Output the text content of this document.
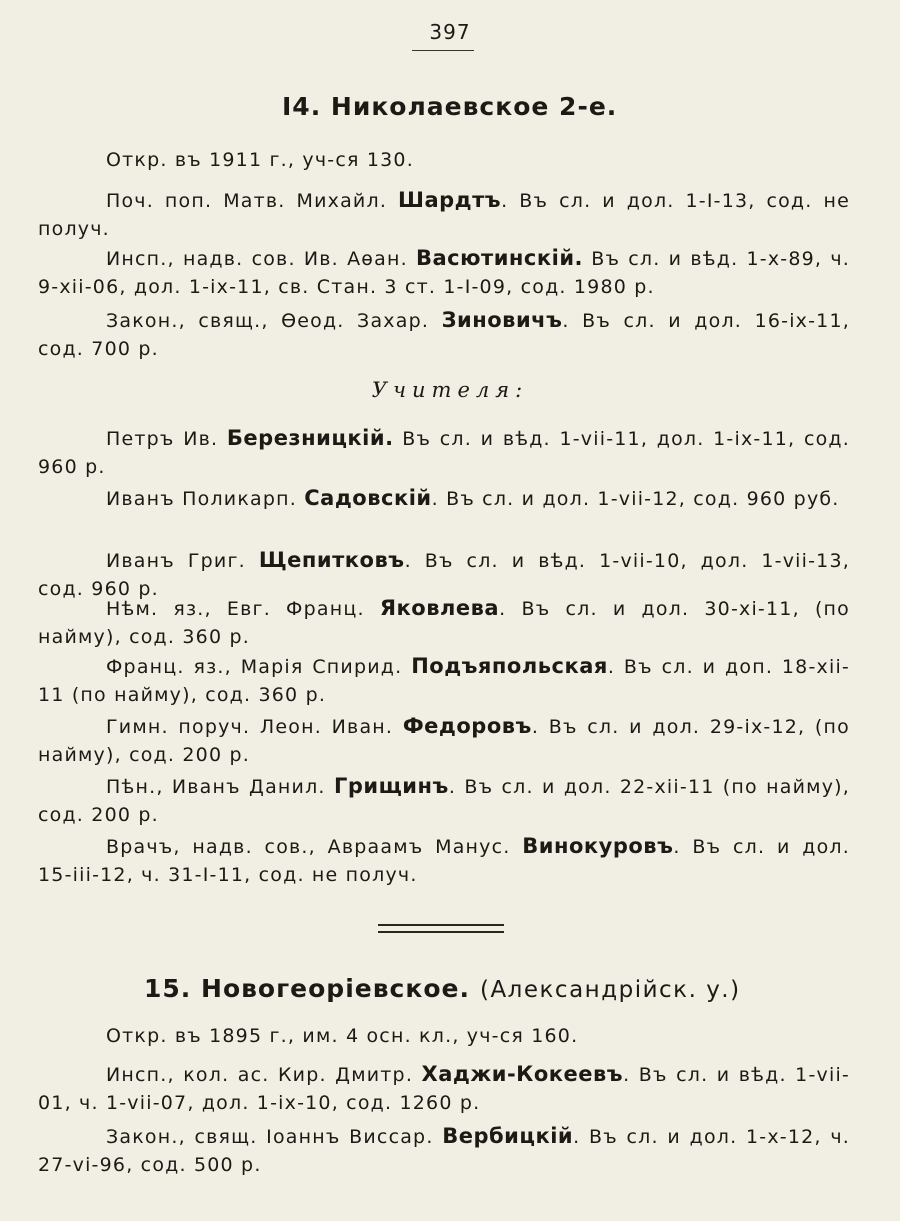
397
I4. Николаевское 2-е.

Откр. въ 1911 г., уч-ся 130.

Поч. поп. Матв. Михайл. Шардтъ. Въ сл. и дол. 1-I-13, сод. не получ.

Инсп., надв. сов. Ив. Аѳан. Васютинскій. Въ сл. и вѣд. 1-x-89, ч. 9-xii-06, дол. 1-ix-11, св. Стан. 3 ст. 1-I-09, сод. 1980 р.

Закон., свящ., Ѳеод. Захар. Зиновичъ. Въ сл. и дол. 16-ix-11, сод. 700 р.

Учителя:

Петръ Ив. Березницкій. Въ сл. и вѣд. 1-vii-11, дол. 1-ix-11, сод. 960 р.

Иванъ Поликарп. Садовскій. Въ сл. и дол. 1-vii-12, сод. 960 руб.

Иванъ Григ. Щепитковъ. Въ сл. и вѣд. 1-vii-10, дол. 1-vii-13, сод. 960 р.

Нѣм. яз., Евг. Франц. Яковлева. Въ сл. и дол. 30-xi-11, (по найму), сод. 360 р.

Франц. яз., Марія Спирид. Подъяпольская. Въ сл. и доп. 18-xii-11 (по найму), сод. 360 р.

Гимн. поруч. Леон. Иван. Федоровъ. Въ сл. и дол. 29-ix-12, (по найму), сод. 200 р.

Пѣн., Иванъ Данил. Грищинъ. Въ сл. и дол. 22-xii-11 (по найму), сод. 200 р.

Врачъ, надв. сов., Авраамъ Манус. Винокуровъ. Въ сл. и дол. 15-iii-12, ч. 31-I-11, сод. не получ.

15. Новогеоріевское. (Александрійск. у.)

Откр. въ 1895 г., им. 4 осн. кл., уч-ся 160.

Инсп., кол. ас. Кир. Дмитр. Хаджи-Кокеевъ. Въ сл. и вѣд. 1-vii-01, ч. 1-vii-07, дол. 1-ix-10, сод. 1260 р.

Закон., свящ. Іоаннъ Виссар. Вербицкій. Въ сл. и дол. 1-x-12, ч. 27-vi-96, сод. 500 р.
